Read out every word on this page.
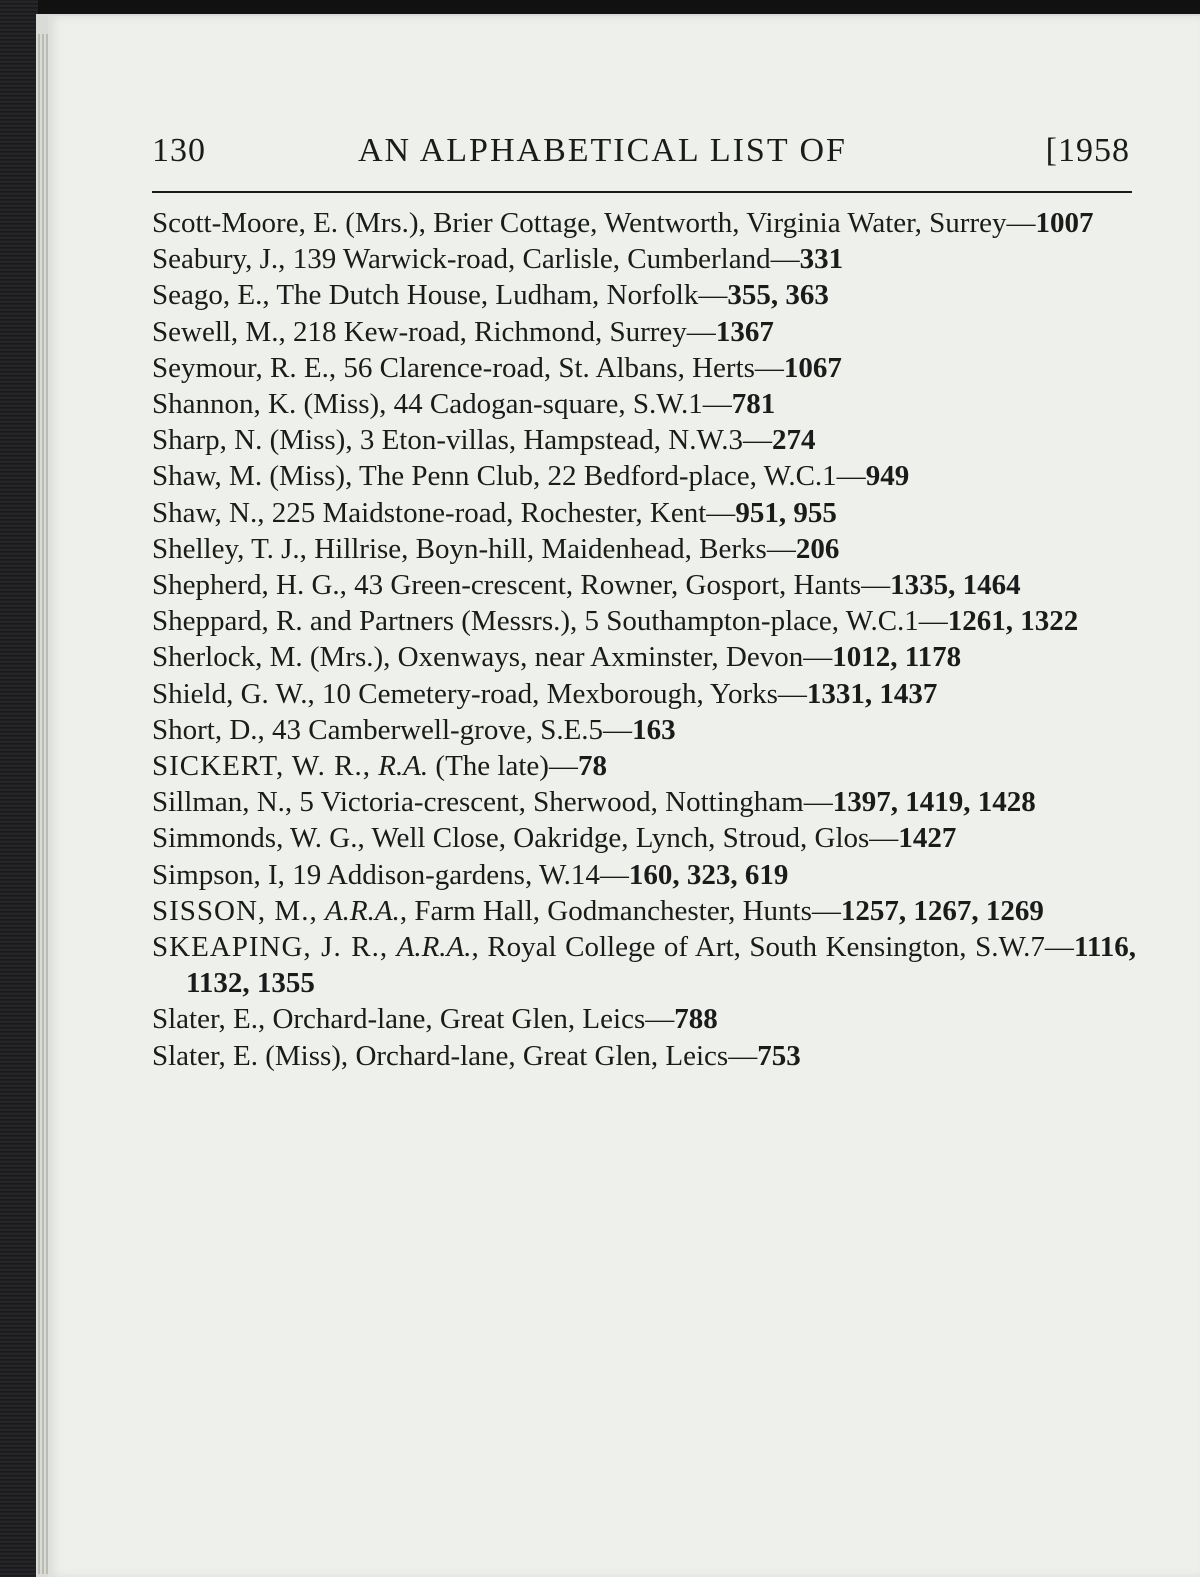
130	AN ALPHABETICAL LIST OF	[1958
Scott-Moore, E. (Mrs.), Brier Cottage, Wentworth, Virginia Water, Surrey—1007
Seabury, J., 139 Warwick-road, Carlisle, Cumberland—331
Seago, E., The Dutch House, Ludham, Norfolk—355, 363
Sewell, M., 218 Kew-road, Richmond, Surrey—1367
Seymour, R. E., 56 Clarence-road, St. Albans, Herts—1067
Shannon, K. (Miss), 44 Cadogan-square, S.W.1—781
Sharp, N. (Miss), 3 Eton-villas, Hampstead, N.W.3—274
Shaw, M. (Miss), The Penn Club, 22 Bedford-place, W.C.1—949
Shaw, N., 225 Maidstone-road, Rochester, Kent—951, 955
Shelley, T. J., Hillrise, Boyn-hill, Maidenhead, Berks—206
Shepherd, H. G., 43 Green-crescent, Rowner, Gosport, Hants—1335, 1464
Sheppard, R. and Partners (Messrs.), 5 Southampton-place, W.C.1—1261, 1322
Sherlock, M. (Mrs.), Oxenways, near Axminster, Devon—1012, 1178
Shield, G. W., 10 Cemetery-road, Mexborough, Yorks—1331, 1437
Short, D., 43 Camberwell-grove, S.E.5—163
SICKERT, W. R., R.A. (The late)—78
Sillman, N., 5 Victoria-crescent, Sherwood, Nottingham—1397, 1419, 1428
Simmonds, W. G., Well Close, Oakridge, Lynch, Stroud, Glos—1427
Simpson, I, 19 Addison-gardens, W.14—160, 323, 619
SISSON, M., A.R.A., Farm Hall, Godmanchester, Hunts—1257, 1267, 1269
SKEAPING, J. R., A.R.A., Royal College of Art, South Kensington, S.W.7—1116, 1132, 1355
Slater, E., Orchard-lane, Great Glen, Leics—788
Slater, E. (Miss), Orchard-lane, Great Glen, Leics—753
